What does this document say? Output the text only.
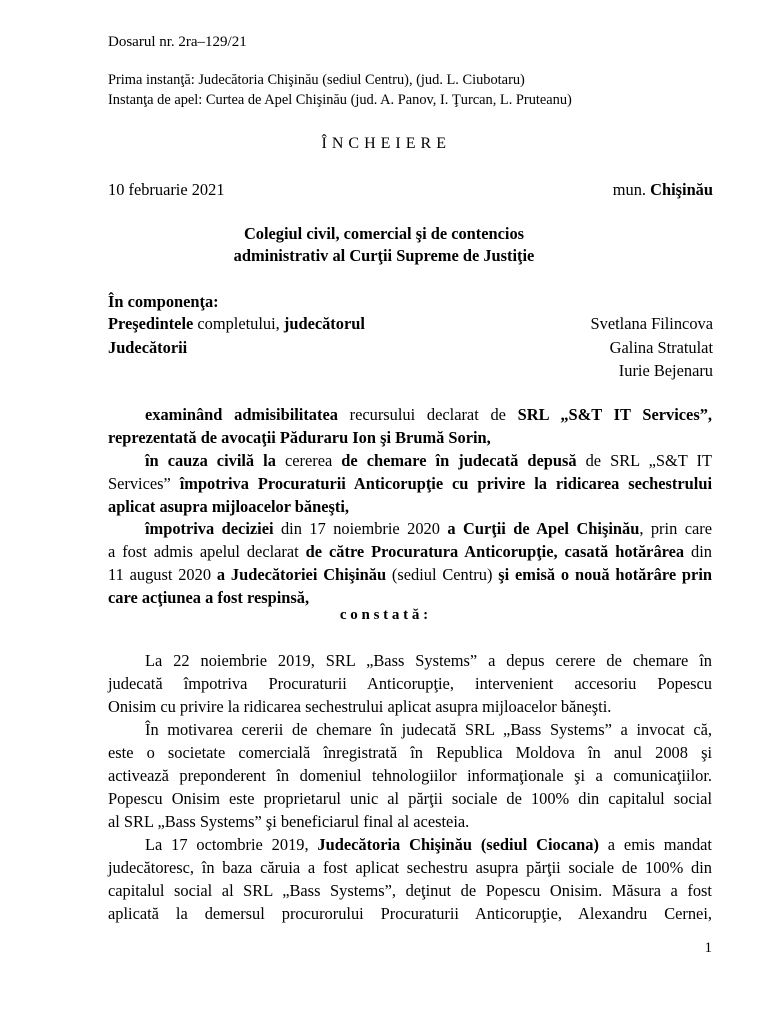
Dosarul nr. 2ra–129/21
Prima instanţă: Judecătoria Chişinău (sediul Centru), (jud. L. Ciubotaru)
Instanţa de apel: Curtea de Apel Chişinău (jud. A. Panov, I. Ţurcan, L. Pruteanu)
Î N C H E I E R E
10 februarie 2021	mun. Chişinău
Colegiul civil, comercial şi de contencios
administrativ al Curţii Supreme de Justiţie
În componenţa:
Preşedintele completului, judecătorul	Svetlana Filincova
Judecătorii	Galina Stratulat
Iurie Bejenaru
examinând admisibilitatea recursului declarat de SRL „S&T IT Services”,
reprezentată de avocaţii Păduraru Ion şi Brumă Sorin,
în cauza civilă la cererea de chemare în judecată depusă de SRL „S&T IT
Services” împotriva Procuraturii Anticorupţie cu privire la ridicarea sechestrului
aplicat asupra mijloacelor băneşti,
împotriva deciziei din 17 noiembrie 2020 a Curţii de Apel Chişinău, prin care
a fost admis apelul declarat de către Procuratura Anticorupţie, casată hotărârea din
11 august 2020 a Judecătoriei Chişinău (sediul Centru) şi emisă o nouă hotărâre prin
care acţiunea a fost respinsă,
c o n s t a t ă :
La 22 noiembrie 2019, SRL „Bass Systems” a depus cerere de chemare în
judecată împotriva Procuraturii Anticorupţie, intervenient accesoriu Popescu
Onisim cu privire la ridicarea sechestrului aplicat asupra mijloacelor băneşti.
În motivarea cererii de chemare în judecată SRL „Bass Systems” a invocat că,
este o societate comercială înregistrată în Republica Moldova în anul 2008 şi
activează preponderent în domeniul tehnologiilor informaţionale şi a comunicaţiilor.
Popescu Onisim este proprietarul unic al părţii sociale de 100% din capitalul social
al SRL „Bass Systems” şi beneficiarul final al acesteia.
La 17 octombrie 2019, Judecătoria Chişinău (sediul Ciocana) a emis mandat
judecătoresc, în baza căruia a fost aplicat sechestru asupra părţii sociale de 100% din
capitalul social al SRL „Bass Systems”, deţinut de Popescu Onisim. Măsura a fost
aplicată la demersul procurorului Procuraturii Anticorupţie, Alexandru Cernei,
1
